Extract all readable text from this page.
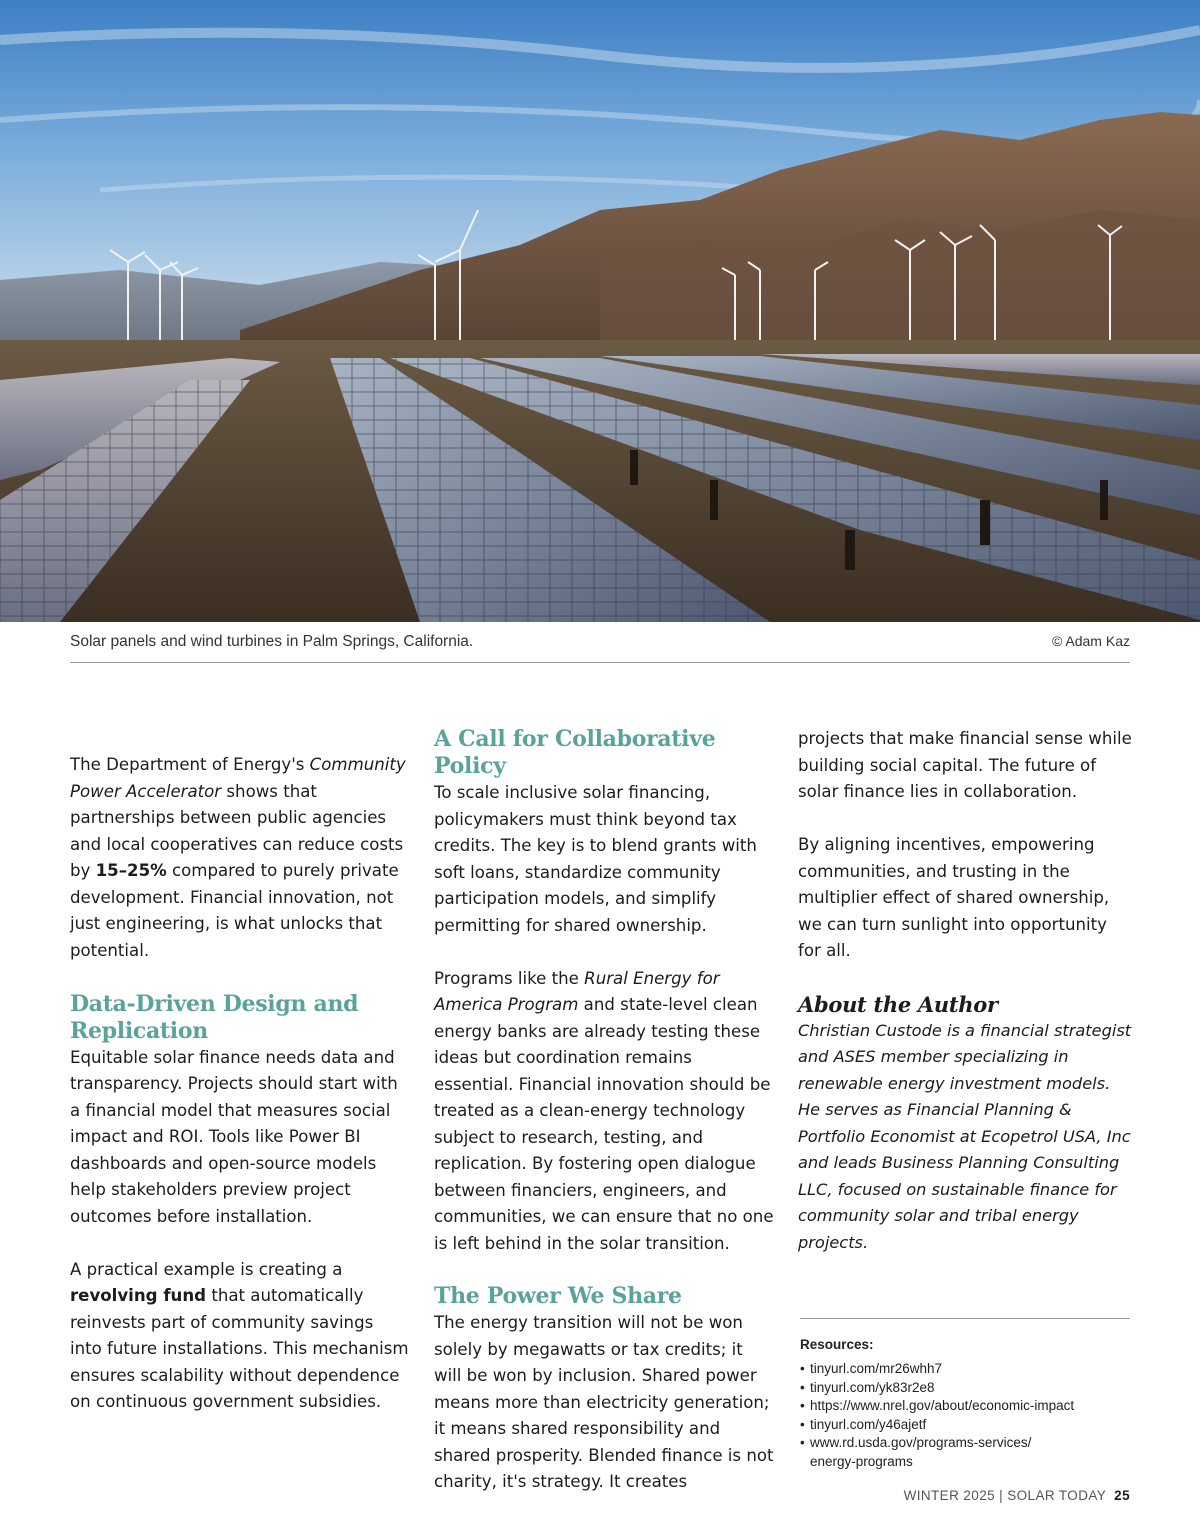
Solar panels and wind turbines in Palm Springs, California.	© Adam Kaz

The Department of Energy's Community Power Accelerator shows that partnerships between public agencies and local cooperatives can reduce costs by 15–25% compared to purely private development. Financial innovation, not just engineering, is what unlocks that potential.

Data-Driven Design and Replication

Equitable solar finance needs data and transparency. Projects should start with a financial model that measures social impact and ROI. Tools like Power BI dashboards and open-source models help stakeholders preview project outcomes before installation.

A practical example is creating a revolving fund that automatically reinvests part of community savings into future installations. This mechanism ensures scalability without dependence on continuous government subsidies.

A Call for Collaborative Policy

To scale inclusive solar financing, policymakers must think beyond tax credits. The key is to blend grants with soft loans, standardize community participation models, and simplify permitting for shared ownership.

Programs like the Rural Energy for America Program and state-level clean energy banks are already testing these ideas but coordination remains essential. Financial innovation should be treated as a clean-energy technology subject to research, testing, and replication. By fostering open dialogue between financiers, engineers, and communities, we can ensure that no one is left behind in the solar transition.

The Power We Share

The energy transition will not be won solely by megawatts or tax credits; it will be won by inclusion. Shared power means more than electricity generation; it means shared responsibility and shared prosperity. Blended finance is not charity, it's strategy. It creates

projects that make financial sense while building social capital. The future of solar finance lies in collaboration.

By aligning incentives, empowering communities, and trusting in the multiplier effect of shared ownership, we can turn sunlight into opportunity for all.

About the Author

Christian Custode is a financial strategist and ASES member specializing in renewable energy investment models. He serves as Financial Planning & Portfolio Economist at Ecopetrol USA, Inc and leads Business Planning Consulting LLC, focused on sustainable finance for community solar and tribal energy projects.

Resources:
• tinyurl.com/mr26whh7
• tinyurl.com/yk83r2e8
• https://www.nrel.gov/about/economic-impact
• tinyurl.com/y46ajetf
• www.rd.usda.gov/programs-services/ energy-programs
WINTER 2025 | SOLAR TODAY 25
